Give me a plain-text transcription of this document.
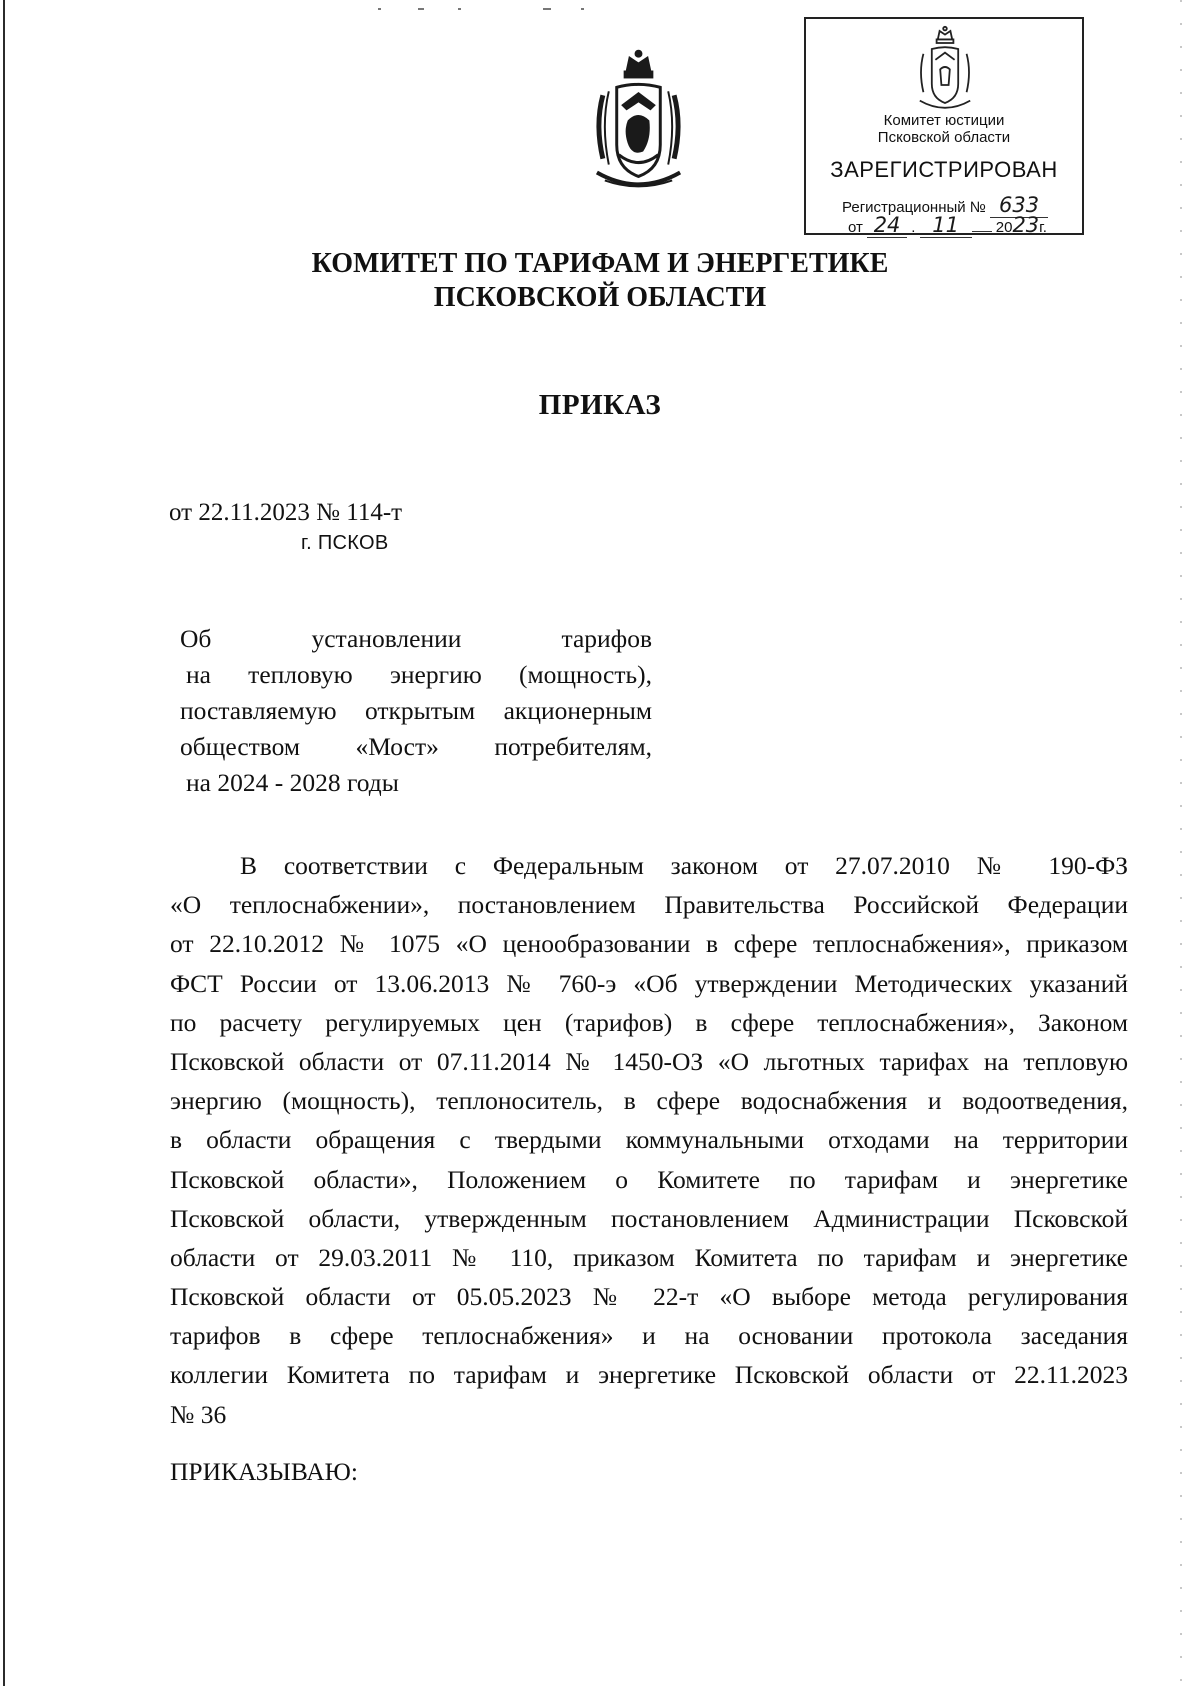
Комитет юстиции
Псковской области
ЗАРЕГИСТРИРОВАН
Регистрационный № 633
от 24 . 11 2023г.
КОМИТЕТ ПО ТАРИФАМ И ЭНЕРГЕТИКЕ
ПСКОВСКОЙ ОБЛАСТИ
ПРИКАЗ
от 22.11.2023 № 114-т
г. ПСКОВ
Об установлении тарифов
на тепловую энергию (мощность),
поставляемую открытым акционерным
обществом «Мост» потребителям,
на 2024 - 2028 годы
В соответствии с Федеральным законом от 27.07.2010 № 190-ФЗ
«О теплоснабжении», постановлением Правительства Российской Федерации
от 22.10.2012 № 1075 «О ценообразовании в сфере теплоснабжения», приказом
ФСТ России от 13.06.2013 № 760-э «Об утверждении Методических указаний
по расчету регулируемых цен (тарифов) в сфере теплоснабжения», Законом
Псковской области от 07.11.2014 № 1450-ОЗ «О льготных тарифах на тепловую
энергию (мощность), теплоноситель, в сфере водоснабжения и водоотведения,
в области обращения с твердыми коммунальными отходами на территории
Псковской области», Положением о Комитете по тарифам и энергетике
Псковской области, утвержденным постановлением Администрации Псковской
области от 29.03.2011 № 110, приказом Комитета по тарифам и энергетике
Псковской области от 05.05.2023 № 22-т «О выборе метода регулирования
тарифов в сфере теплоснабжения» и на основании протокола заседания
коллегии Комитета по тарифам и энергетике Псковской области от 22.11.2023
№ 36
ПРИКАЗЫВАЮ:
